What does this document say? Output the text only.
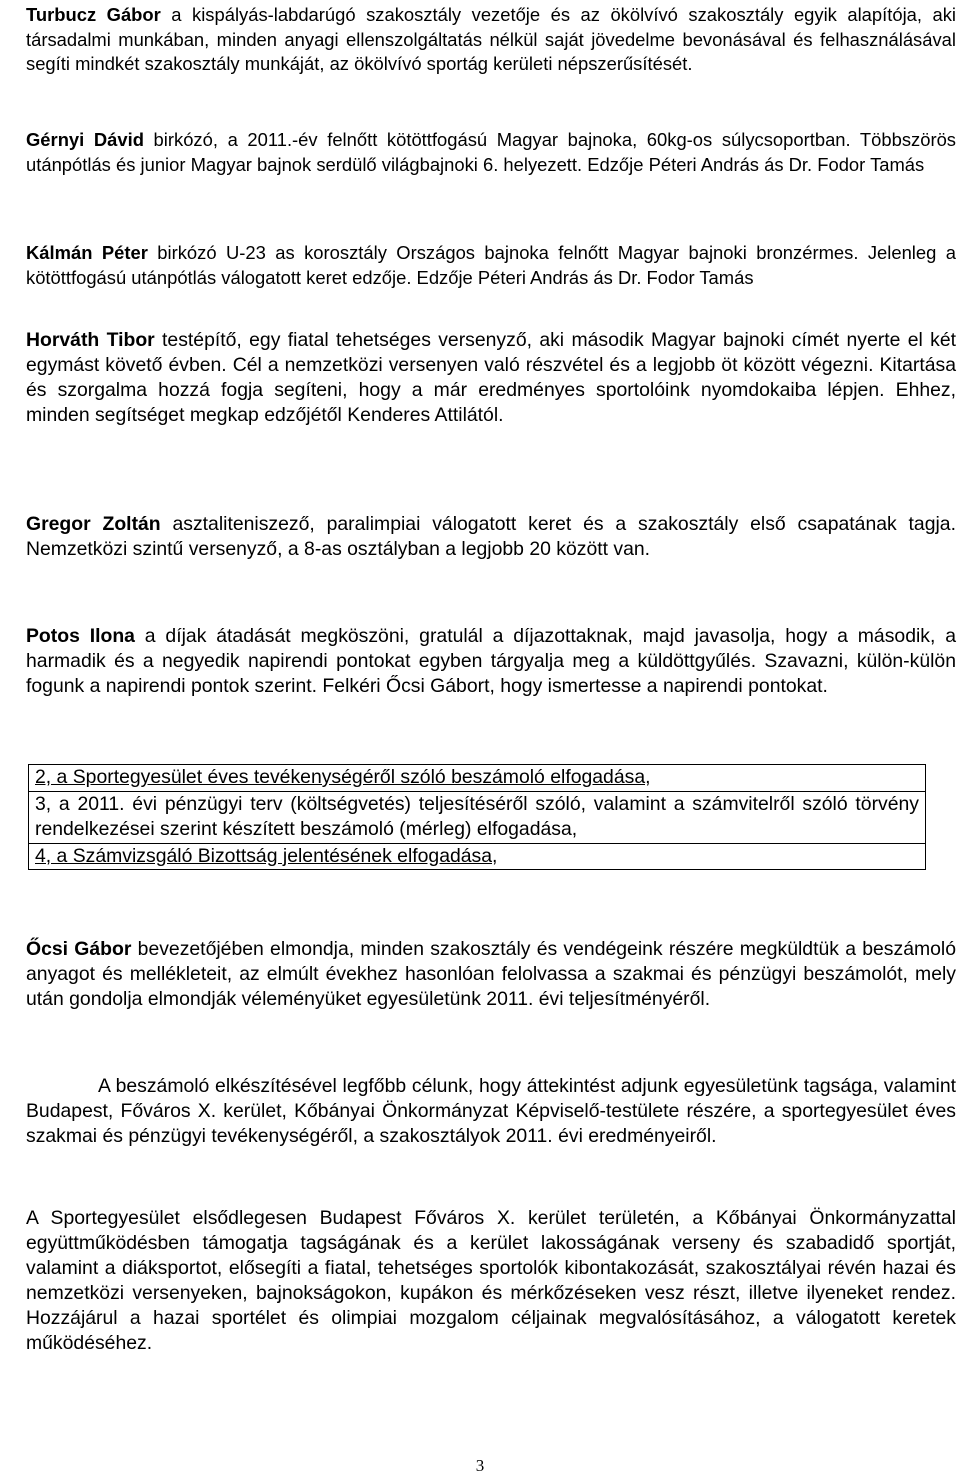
Turbucz Gábor a kispályás-labdarúgó szakosztály vezetője és az ökölvívó szakosztály egyik alapítója, aki társadalmi munkában, minden anyagi ellenszolgáltatás nélkül saját jövedelme bevonásával és felhasználásával segíti mindkét szakosztály munkáját, az ökölvívó sportág kerületi népszerűsítését.

Gérnyi Dávid birkózó, a 2011.-év felnőtt kötöttfogású Magyar bajnoka, 60kg-os súlycsoportban. Többszörös utánpótlás és junior Magyar bajnok serdülő világbajnoki 6. helyezett. Edzője Péteri András ás Dr. Fodor Tamás

Kálmán Péter birkózó U-23 as korosztály Országos bajnoka felnőtt Magyar bajnoki bronzérmes. Jelenleg a kötöttfogású utánpótlás válogatott keret edzője. Edzője Péteri András ás Dr. Fodor Tamás

Horváth Tibor testépítő, egy fiatal tehetséges versenyző, aki második Magyar bajnoki címét nyerte el két egymást követő évben. Cél a nemzetközi versenyen való részvétel és a legjobb öt között végezni. Kitartása és szorgalma hozzá fogja segíteni, hogy a már eredményes sportolóink nyomdokaiba lépjen. Ehhez, minden segítséget megkap edzőjétől Kenderes Attilától.

Gregor Zoltán asztaliteniszező, paralimpiai válogatott keret és a szakosztály első csapatának tagja. Nemzetközi szintű versenyző, a 8-as osztályban a legjobb 20 között van.

Potos Ilona a díjak átadását megköszöni, gratulál a díjazottaknak, majd javasolja, hogy a második, a harmadik és a negyedik napirendi pontokat egyben tárgyalja meg a küldöttgyűlés. Szavazni, külön-külön fogunk a napirendi pontok szerint. Felkéri Őcsi Gábort, hogy ismertesse a napirendi pontokat.

2, a Sportegyesület éves tevékenységéről szóló beszámoló elfogadása,
3, a 2011. évi pénzügyi terv (költségvetés) teljesítéséről szóló, valamint a számvitelről szóló törvény rendelkezései szerint készített beszámoló (mérleg) elfogadása,
4, a Számvizsgáló Bizottság jelentésének elfogadása,

Őcsi Gábor bevezetőjében elmondja, minden szakosztály és vendégeink részére megküldtük a beszámoló anyagot és mellékleteit, az elmúlt évekhez hasonlóan felolvassa a szakmai és pénzügyi beszámolót, mely után gondolja elmondják véleményüket egyesületünk 2011. évi teljesítményéről.

A beszámoló elkészítésével legfőbb célunk, hogy áttekintést adjunk egyesületünk tagsága, valamint Budapest, Főváros X. kerület, Kőbányai Önkormányzat Képviselő-testülete részére, a sportegyesület éves szakmai és pénzügyi tevékenységéről, a szakosztályok 2011. évi eredményeiről.

A Sportegyesület elsődlegesen Budapest Főváros X. kerület területén, a Kőbányai Önkormányzattal együttműködésben támogatja tagságának és a kerület lakosságának verseny és szabadidő sportját, valamint a diáksportot, elősegíti a fiatal, tehetséges sportolók kibontakozását, szakosztályai révén hazai és nemzetközi versenyeken, bajnokságokon, kupákon és mérkőzéseken vesz részt, illetve ilyeneket rendez. Hozzájárul a hazai sportélet és olimpiai mozgalom céljainak megvalósításához, a válogatott keretek működéséhez.

3
